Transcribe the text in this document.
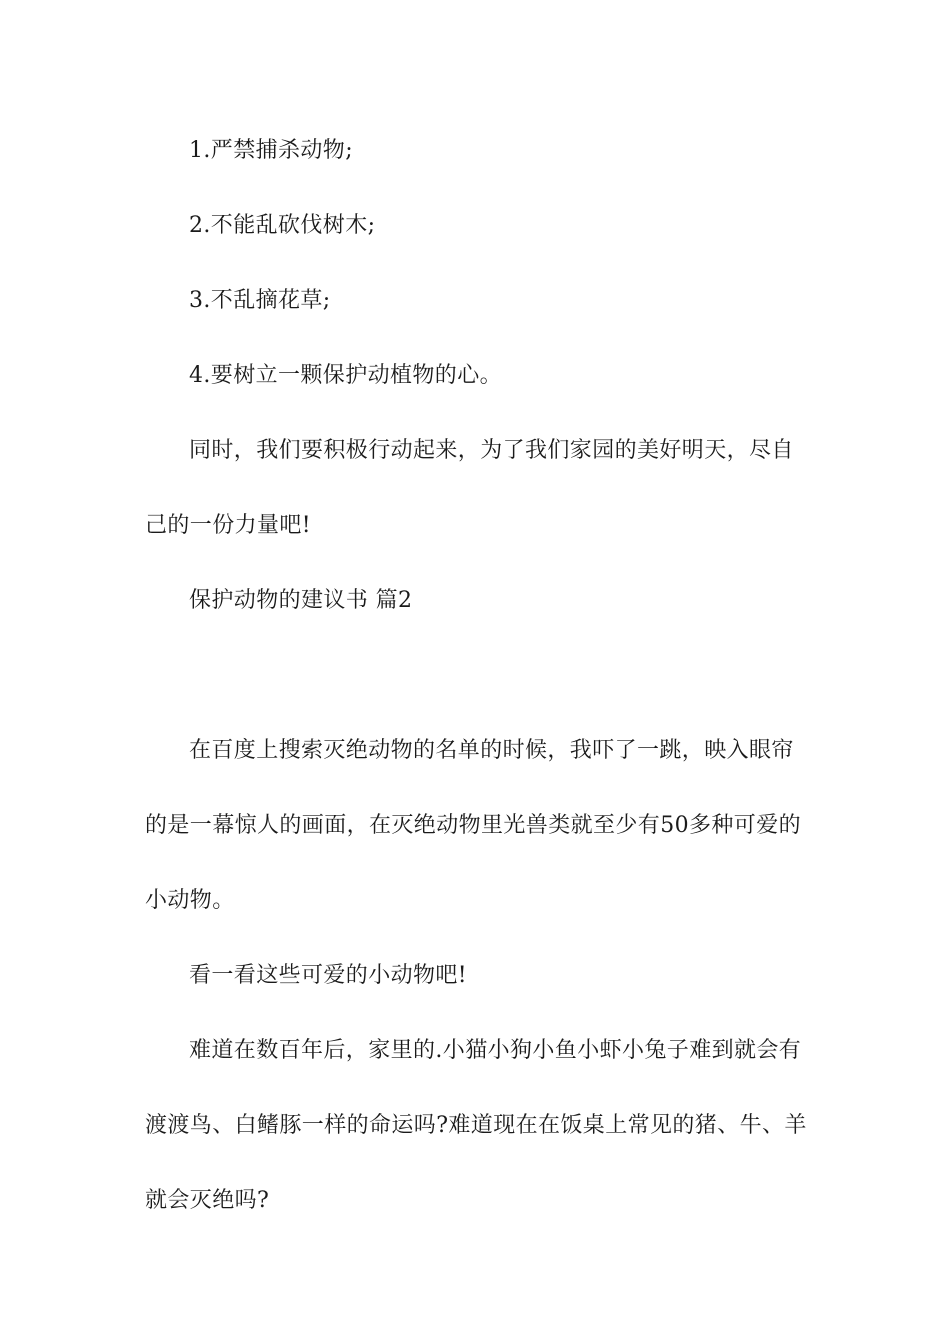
1.严禁捕杀动物;

2.不能乱砍伐树木;

3.不乱摘花草;

4.要树立一颗保护动植物的心。

同时，我们要积极行动起来，为了我们家园的美好明天，尽自

己的一份力量吧!

保护动物的建议书 篇2

在百度上搜索灭绝动物的名单的时候，我吓了一跳，映入眼帘

的是一幕惊人的画面，在灭绝动物里光兽类就至少有50多种可爱的

小动物。

看一看这些可爱的小动物吧!

难道在数百年后，家里的.小猫小狗小鱼小虾小兔子难到就会有

渡渡鸟、白鳍豚一样的命运吗?难道现在在饭桌上常见的猪、牛、羊

就会灭绝吗?
